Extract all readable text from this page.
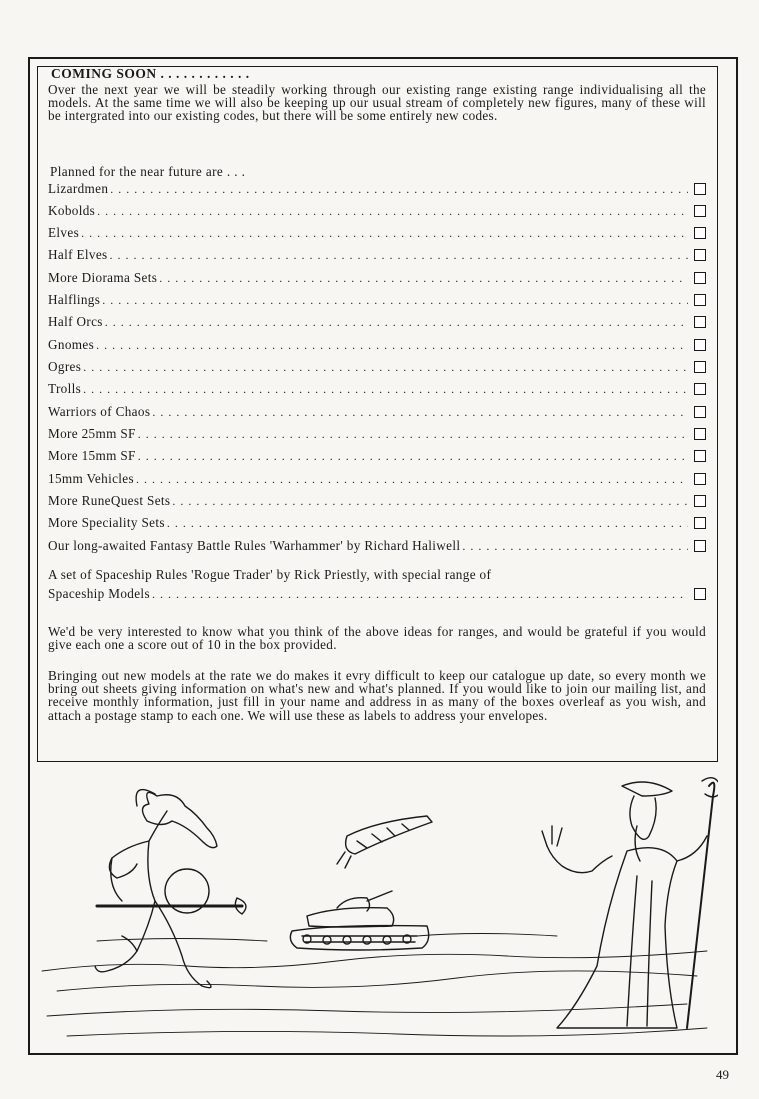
COMING SOON . . . . . . . . . . . .

Over the next year we will be steadily working through our existing range existing range individualising all the models. At the same time we will also be keeping up our usual stream of completely new figures, many of these will be intergrated into our existing codes, but there will be some entirely new codes.

Planned for the near future are . . .
Lizardmen
. . .
Kobolds
. . .
Elves
. . .
Half Elves
. . .
More Diorama Sets
. . .
Halflings
. . .
Half Orcs
. . .
Gnomes
. . .
Ogres
. . .
Trolls
. . .
Warriors of Chaos
. . .
More 25mm SF
. . .
More 15mm SF
. . .
15mm Vehicles
. . .
More RuneQuest Sets
. . .
More Speciality Sets
. . .
Our long-awaited Fantasy Battle Rules 'Warhammer' by Richard Haliwell
. . .
A set of Spaceship Rules 'Rogue Trader' by Rick Priestly, with special range of
Spaceship Models
. . .

We'd be very interested to know what you think of the above ideas for ranges, and would be grateful if you would give each one a score out of 10 in the box provided.

Bringing out new models at the rate we do makes it evry difficult to keep our catalogue up date, so every month we bring out sheets giving information on what's new and what's planned. If you would like to join our mailing list, and receive monthly information, just fill in your name and address in as many of the boxes overleaf as you wish, and attach a postage stamp to each one. We will use these as labels to address your envelopes.

49
